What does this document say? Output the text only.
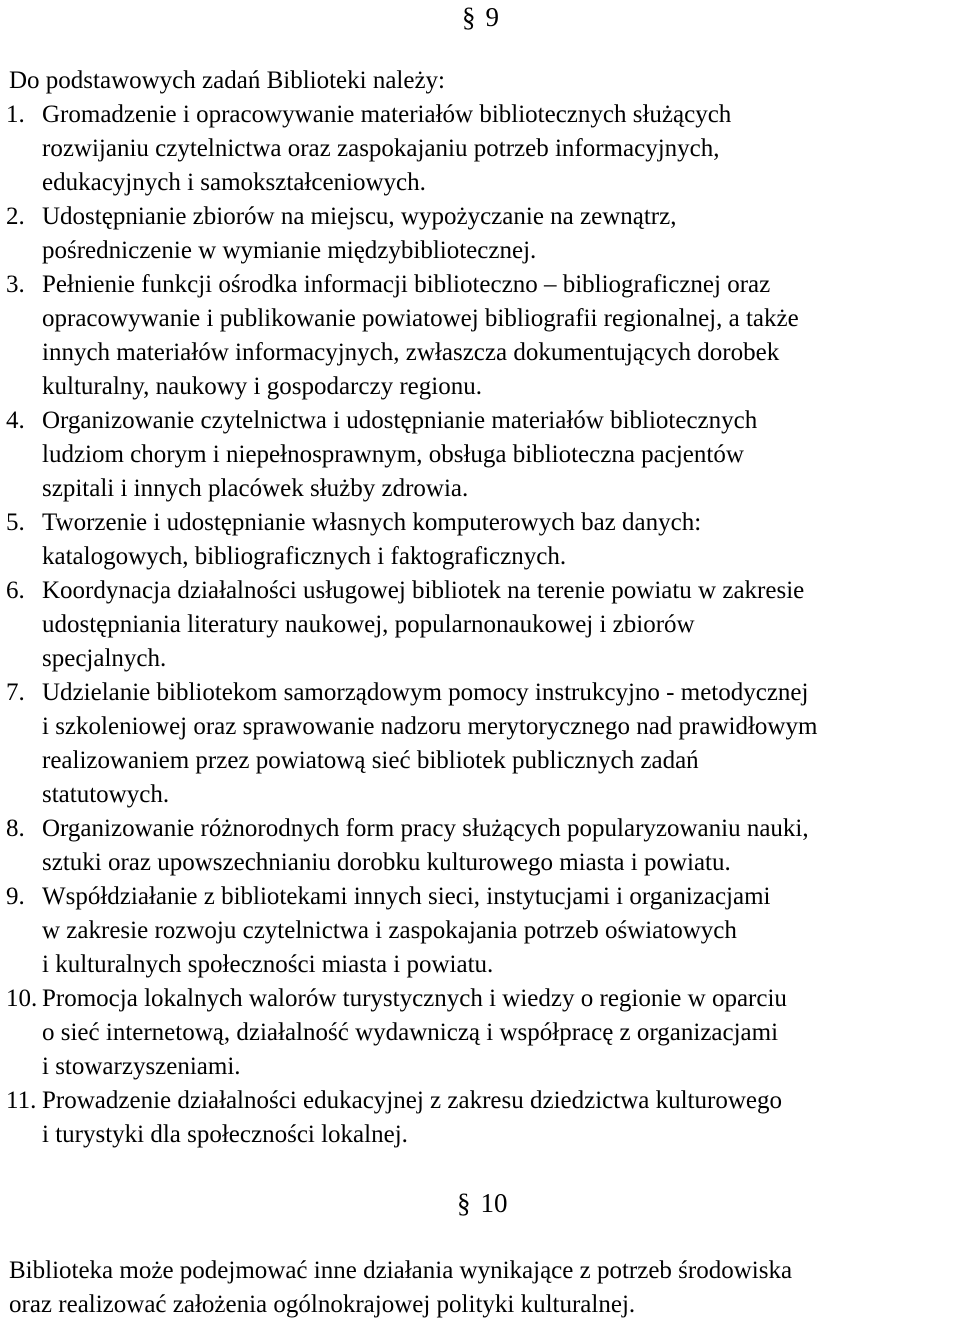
§ 9
Do podstawowych zadań Biblioteki należy:
1. Gromadzenie i opracowywanie materiałów bibliotecznych służących
rozwijaniu czytelnictwa oraz zaspokajaniu potrzeb informacyjnych,
edukacyjnych i samokształceniowych.
2. Udostępnianie zbiorów na miejscu, wypożyczanie na zewnątrz,
pośredniczenie w wymianie międzybibliotecznej.
3. Pełnienie funkcji ośrodka informacji biblioteczno – bibliograficznej oraz
opracowywanie i publikowanie powiatowej bibliografii regionalnej, a także
innych materiałów informacyjnych, zwłaszcza dokumentujących dorobek
kulturalny, naukowy i gospodarczy regionu.
4. Organizowanie czytelnictwa i udostępnianie materiałów bibliotecznych
ludziom chorym i niepełnosprawnym, obsługa biblioteczna pacjentów
szpitali i innych placówek służby zdrowia.
5. Tworzenie i udostępnianie własnych komputerowych baz danych:
katalogowych, bibliograficznych i faktograficznych.
6. Koordynacja działalności usługowej bibliotek na terenie powiatu w zakresie
udostępniania literatury naukowej, popularnonaukowej i zbiorów
specjalnych.
7. Udzielanie bibliotekom samorządowym pomocy instrukcyjno - metodycznej
i szkoleniowej oraz sprawowanie nadzoru merytorycznego nad prawidłowym
realizowaniem przez powiatową sieć bibliotek publicznych zadań
statutowych.
8. Organizowanie różnorodnych form pracy służących popularyzowaniu nauki,
sztuki oraz upowszechnianiu dorobku kulturowego miasta i powiatu.
9. Współdziałanie z bibliotekami innych sieci, instytucjami i organizacjami
w zakresie rozwoju czytelnictwa i zaspokajania potrzeb oświatowych
i kulturalnych społeczności miasta i powiatu.
10. Promocja lokalnych walorów turystycznych i wiedzy o regionie w oparciu
o sieć internetową, działalność wydawniczą i współpracę z organizacjami
i stowarzyszeniami.
11. Prowadzenie działalności edukacyjnej z zakresu dziedzictwa kulturowego
i turystyki dla społeczności lokalnej.
§ 10
Biblioteka może podejmować inne działania wynikające z potrzeb środowiska
oraz realizować założenia ogólnokrajowej polityki kulturalnej.
